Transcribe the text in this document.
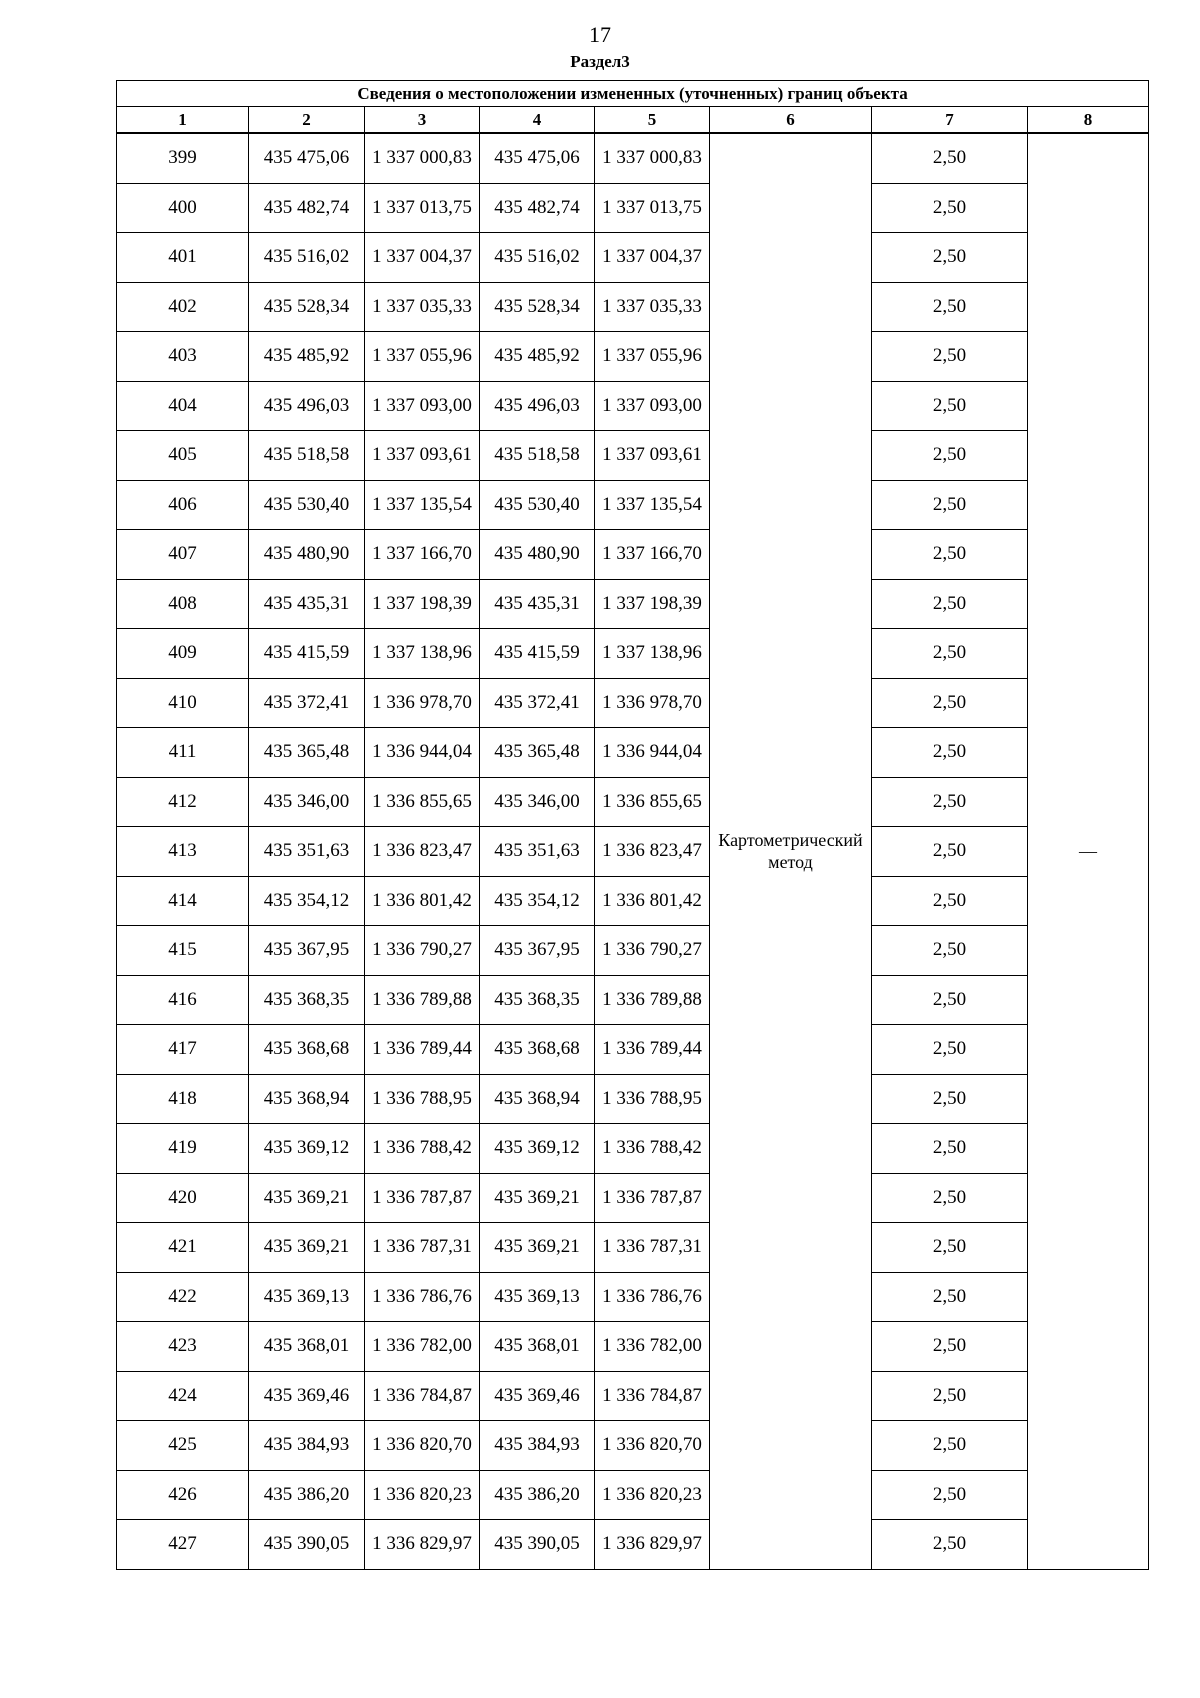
17
Раздел3
Сведения о местоположении измененных (уточненных) границ объекта							
1	2	3	4	5	6	7	8
399	435 475,06	1 337 000,83	435 475,06	1 337 000,83	Картометрический метод	2,50	—
400	435 482,74	1 337 013,75	435 482,74	1 337 013,75		2,50	
401	435 516,02	1 337 004,37	435 516,02	1 337 004,37		2,50	
402	435 528,34	1 337 035,33	435 528,34	1 337 035,33		2,50	
403	435 485,92	1 337 055,96	435 485,92	1 337 055,96		2,50	
404	435 496,03	1 337 093,00	435 496,03	1 337 093,00		2,50	
405	435 518,58	1 337 093,61	435 518,58	1 337 093,61		2,50	
406	435 530,40	1 337 135,54	435 530,40	1 337 135,54		2,50	
407	435 480,90	1 337 166,70	435 480,90	1 337 166,70		2,50	
408	435 435,31	1 337 198,39	435 435,31	1 337 198,39		2,50	
409	435 415,59	1 337 138,96	435 415,59	1 337 138,96		2,50	
410	435 372,41	1 336 978,70	435 372,41	1 336 978,70		2,50	
411	435 365,48	1 336 944,04	435 365,48	1 336 944,04		2,50	
412	435 346,00	1 336 855,65	435 346,00	1 336 855,65		2,50	
413	435 351,63	1 336 823,47	435 351,63	1 336 823,47		2,50	
414	435 354,12	1 336 801,42	435 354,12	1 336 801,42		2,50	
415	435 367,95	1 336 790,27	435 367,95	1 336 790,27		2,50	
416	435 368,35	1 336 789,88	435 368,35	1 336 789,88		2,50	
417	435 368,68	1 336 789,44	435 368,68	1 336 789,44		2,50	
418	435 368,94	1 336 788,95	435 368,94	1 336 788,95		2,50	
419	435 369,12	1 336 788,42	435 369,12	1 336 788,42		2,50	
420	435 369,21	1 336 787,87	435 369,21	1 336 787,87		2,50	
421	435 369,21	1 336 787,31	435 369,21	1 336 787,31		2,50	
422	435 369,13	1 336 786,76	435 369,13	1 336 786,76		2,50	
423	435 368,01	1 336 782,00	435 368,01	1 336 782,00		2,50	
424	435 369,46	1 336 784,87	435 369,46	1 336 784,87		2,50	
425	435 384,93	1 336 820,70	435 384,93	1 336 820,70		2,50	
426	435 386,20	1 336 820,23	435 386,20	1 336 820,23		2,50	
427	435 390,05	1 336 829,97	435 390,05	1 336 829,97		2,50	
